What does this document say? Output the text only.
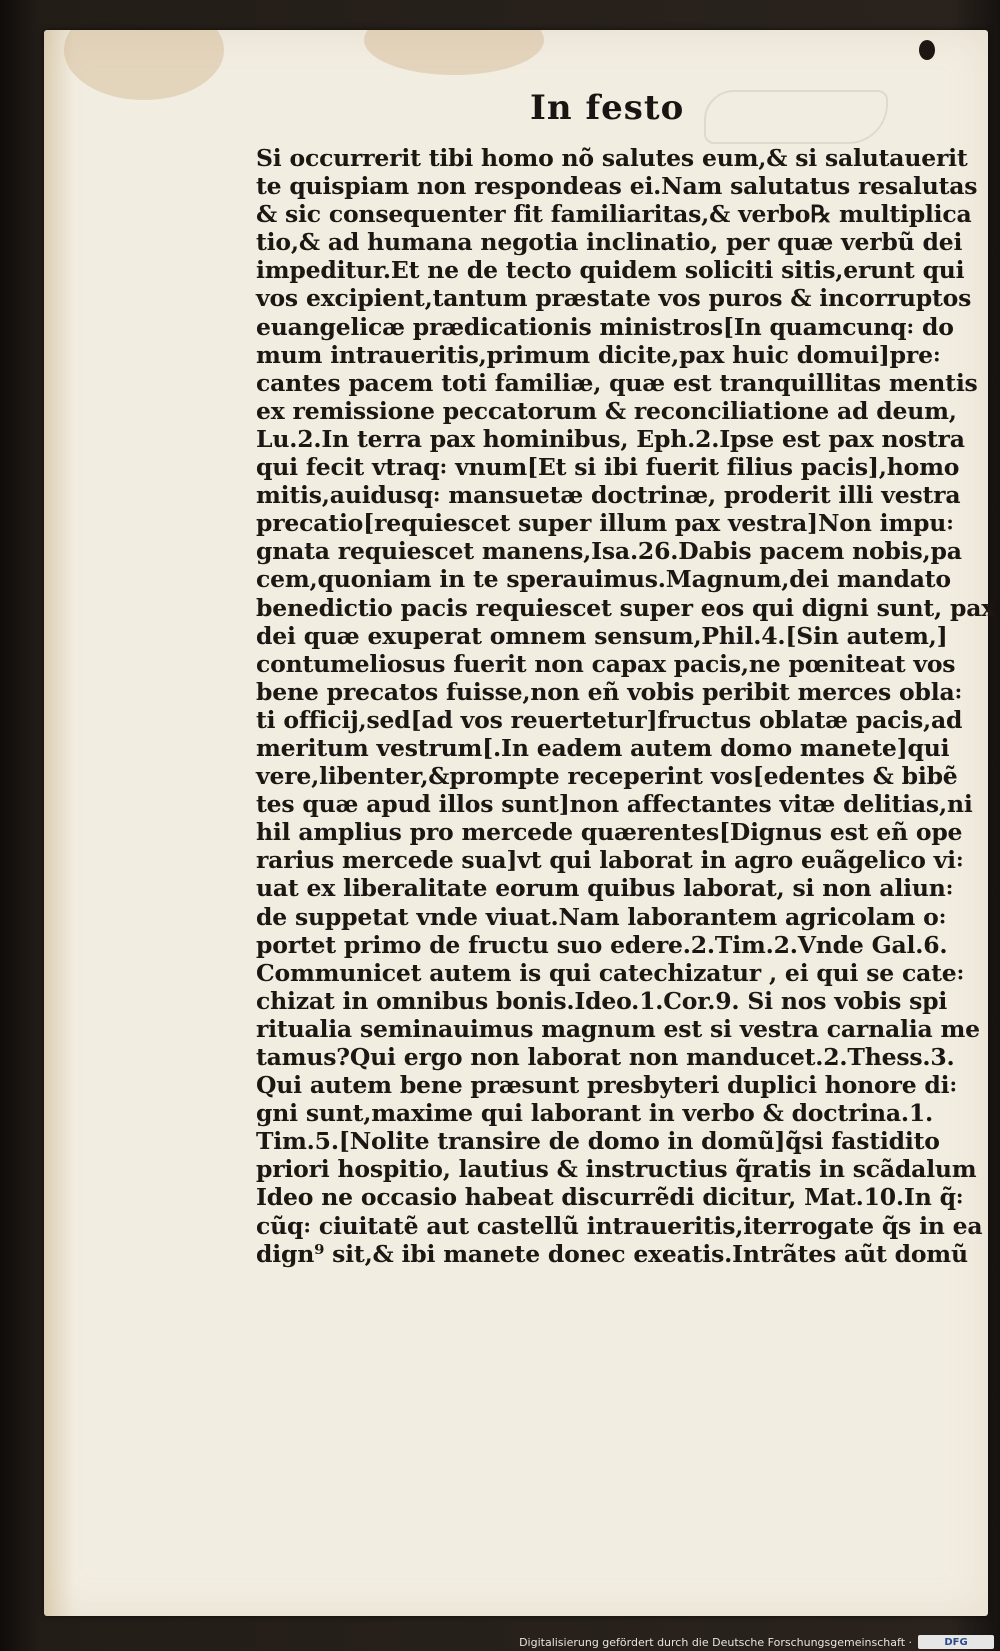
In festo
Si occurrerit tibi homo nõ salutes eum,& si salutauerit
te quispiam non respondeas ei.Nam salutatus resalutas
& sic consequenter fit familiaritas,& verbo℞ multiplica
tio,& ad humana negotia inclinatio, per quæ verbũ dei
impeditur.Et ne de tecto quidem soliciti sitis,erunt qui
vos excipient,tantum præstate vos puros & incorruptos
euangelicæ prædicationis ministros[In quamcunq꞉ do
mum intraueritis,primum dicite,pax huic domui]pre꞉
cantes pacem toti familiæ, quæ est tranquillitas mentis
ex remissione peccatorum & reconciliatione ad deum,
Lu.2.In terra pax hominibus, Eph.2.Ipse est pax nostra
qui fecit vtraq꞉ vnum[Et si ibi fuerit filius pacis],homo
mitis,auidusq꞉ mansuetæ doctrinæ, proderit illi vestra
precatio[requiescet super illum pax vestra]Non impu꞉
gnata requiescet manens,Isa.26.Dabis pacem nobis,pa
cem,quoniam in te sperauimus.Magnum,dei mandato
benedictio pacis requiescet super eos qui digni sunt, pax
dei quæ exuperat omnem sensum,Phil.4.[Sin autem,]
contumeliosus fuerit non capax pacis,ne pœniteat vos
bene precatos fuisse,non eñ vobis peribit merces obla꞉
ti officij,sed[ad vos reuertetur]fructus oblatæ pacis,ad
meritum vestrum[.In eadem autem domo manete]qui
vere,libenter,&prompte receperint vos[edentes & bibẽ
tes quæ apud illos sunt]non affectantes vitæ delitias,ni
hil amplius pro mercede quærentes[Dignus est eñ ope
rarius mercede sua]vt qui laborat in agro euãgelico vi꞉
uat ex liberalitate eorum quibus laborat, si non aliun꞉
de suppetat vnde viuat.Nam laborantem agricolam o꞉
portet primo de fructu suo edere.2.Tim.2.Vnde Gal.6.
Communicet autem is qui catechizatur , ei qui se cate꞉
chizat in omnibus bonis.Ideo.1.Cor.9. Si nos vobis spi
ritualia seminauimus magnum est si vestra carnalia me
tamus?Qui ergo non laborat non manducet.2.Thess.3.
Qui autem bene præsunt presbyteri duplici honore di꞉
gni sunt,maxime qui laborant in verbo & doctrina.1.
Tim.5.[Nolite transire de domo in domũ]q̃si fastidito
priori hospitio, lautius & instructius q̃ratis in scãdalum
Ideo ne occasio habeat discurrẽdi dicitur, Mat.10.In q̃꞉
cũq꞉ ciuitatẽ aut castellũ intraueritis,iterrogate q̃s in ea
dign⁹ sit,& ibi manete donec exeatis.Intrãtes aũt domũ
Digitalisierung gefördert durch die Deutsche Forschungsgemeinschaft ·	DFG
